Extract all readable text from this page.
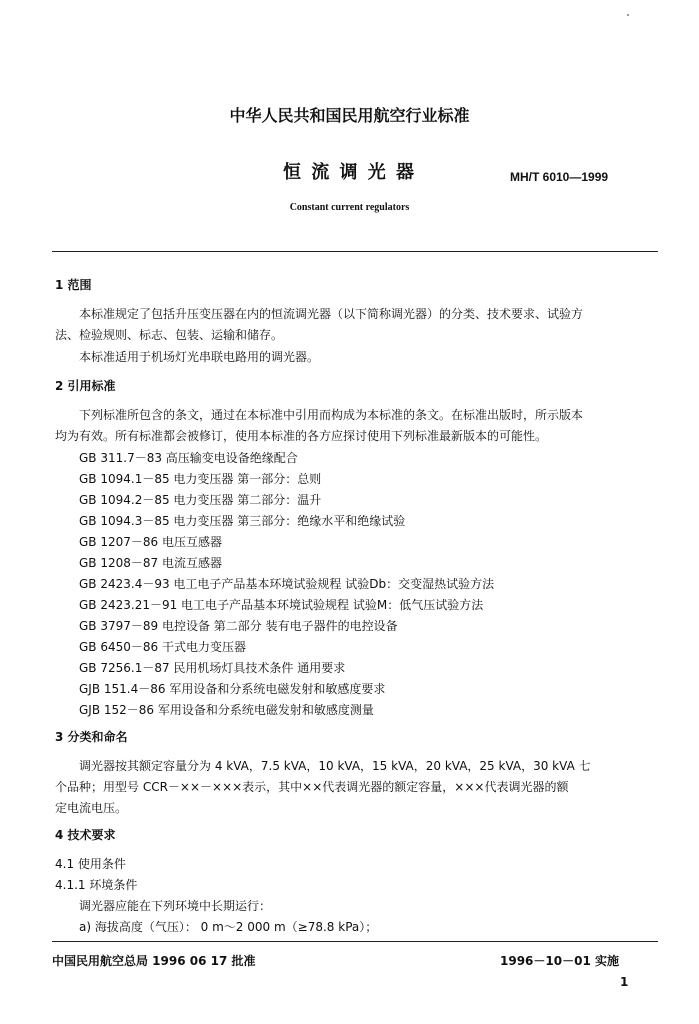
中华人民共和国民用航空行业标准
恒 流 调 光 器	MH/T 6010—1999
Constant current regulators
1 范围
本标准规定了包括升压变压器在内的恒流调光器（以下简称调光器）的分类、技术要求、试验方
法、检验规则、标志、包装、运输和储存。
本标准适用于机场灯光串联电路用的调光器。
2 引用标准
下列标准所包含的条文，通过在本标准中引用而构成为本标准的条文。在标准出版时，所示版本
均为有效。所有标准都会被修订，使用本标准的各方应探讨使用下列标准最新版本的可能性。
GB 311.7－83 高压输变电设备绝缘配合
GB 1094.1－85 电力变压器 第一部分：总则
GB 1094.2－85 电力变压器 第二部分：温升
GB 1094.3－85 电力变压器 第三部分：绝缘水平和绝缘试验
GB 1207－86 电压互感器
GB 1208－87 电流互感器
GB 2423.4－93 电工电子产品基本环境试验规程 试验Db：交变湿热试验方法
GB 2423.21－91 电工电子产品基本环境试验规程 试验M：低气压试验方法
GB 3797－89 电控设备 第二部分 装有电子器件的电控设备
GB 6450－86 干式电力变压器
GB 7256.1－87 民用机场灯具技术条件 通用要求
GJB 151.4－86 军用设备和分系统电磁发射和敏感度要求
GJB 152－86 军用设备和分系统电磁发射和敏感度测量
3 分类和命名
调光器按其额定容量分为 4 kVA，7.5 kVA，10 kVA，15 kVA，20 kVA，25 kVA，30 kVA 七
个品种；用型号 CCR－××－×××表示，其中××代表调光器的额定容量，×××代表调光器的额
定电流电压。
4 技术要求
4.1 使用条件
4.1.1 环境条件
调光器应能在下列环境中长期运行：
a) 海拔高度（气压）： 0 m～2 000 m（≥78.8 kPa）；
中国民用航空总局 1996 06 17 批准	1996－10－01 实施
1
